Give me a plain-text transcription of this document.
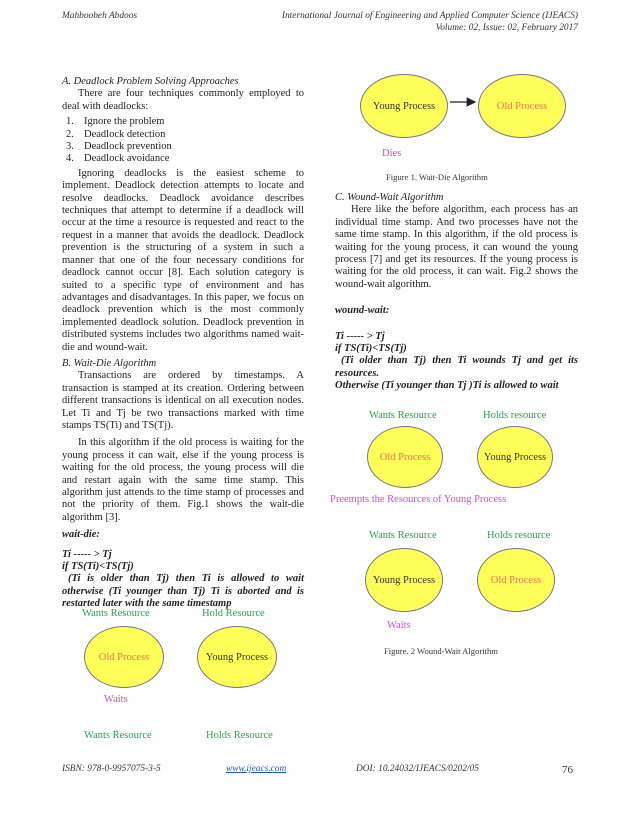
Mahboobeh Abdoos	International Journal of Engineering and Applied Computer Science (IJEACS)
Volume: 02, Issue: 02, February 2017

A. Deadlock Problem Solving Approaches

There are four techniques commonly employed to deal with deadlocks:

1. Ignore the problem
2. Deadlock detection
3. Deadlock prevention
4. Deadlock avoidance

Ignoring deadlocks is the easiest scheme to implement. Deadlock detection attempts to locate and resolve deadlocks. Deadlock avoidance describes techniques that attempt to determine if a deadlock will occur at the time a resource is requested and react to the request in a manner that avoids the deadlock. Deadlock prevention is the structuring of a system in such a manner that one of the four necessary conditions for deadlock cannot occur [8]. Each solution category is suited to a specific type of environment and has advantages and disadvantages. In this paper, we focus on deadlock prevention which is the most commonly implemented deadlock solution. Deadlock prevention in distributed systems includes two algorithms named wait-die and wound-wait.

B. Wait-Die Algorithm

Transactions are ordered by timestamps. A transaction is stamped at its creation. Ordering between different transactions is identical on all execution nodes. Let Ti and Tj be two transactions marked with time stamps TS(Ti) and TS(Tj).

In this algorithm if the old process is waiting for the young process it can wait, else if the young process is waiting for the old process, the young process will die and restart again with the same time stamp. This algorithm just attends to the time stamp of processes and not the priority of them. Fig.1 shows the wait-die algorithm [3].

wait-die:

Ti ----- > Tj

if TS(Ti)<TS(Tj)

(Ti is older than Tj) then Ti is allowed to wait otherwise (Ti younger than Tj) Ti is aborted and is restarted later with the same timestamp

Wants Resource	Hold Resource
Old Process	Young Process
Waits
Wants Resource	Holds Resource
Young Process	Old Process
Dies
Figure 1. Wait-Die Algorithm

C. Wound-Wait Algorithm

Here like the before algorithm, each process has an individual time stamp. And two processes have not the same time stamp. In this algorithm, if the old process is waiting for the young process, it can wound the young process [7] and get its resources. If the young process is waiting for the old process, it can wait. Fig.2 shows the wound-wait algorithm.

wound-wait:

Ti ----- > Tj

if TS(Ti)<TS(Tj)

(Ti older than Tj) then Ti wounds Tj and get its resources.

Otherwise (Ti younger than Tj )Ti is allowed to wait

Wants Resource	Holds resource
Old Process	Young Process
Preempts the Resources of Young Process
Wants Resource	Holds resource
Young Process	Old Process
Waits
Figure. 2 Wound-Wait Algorithm
ISBN: 978-0-9957075-3-5	www.ijeacs.com	DOI: 10.24032/IJEACS/0202/05	76
